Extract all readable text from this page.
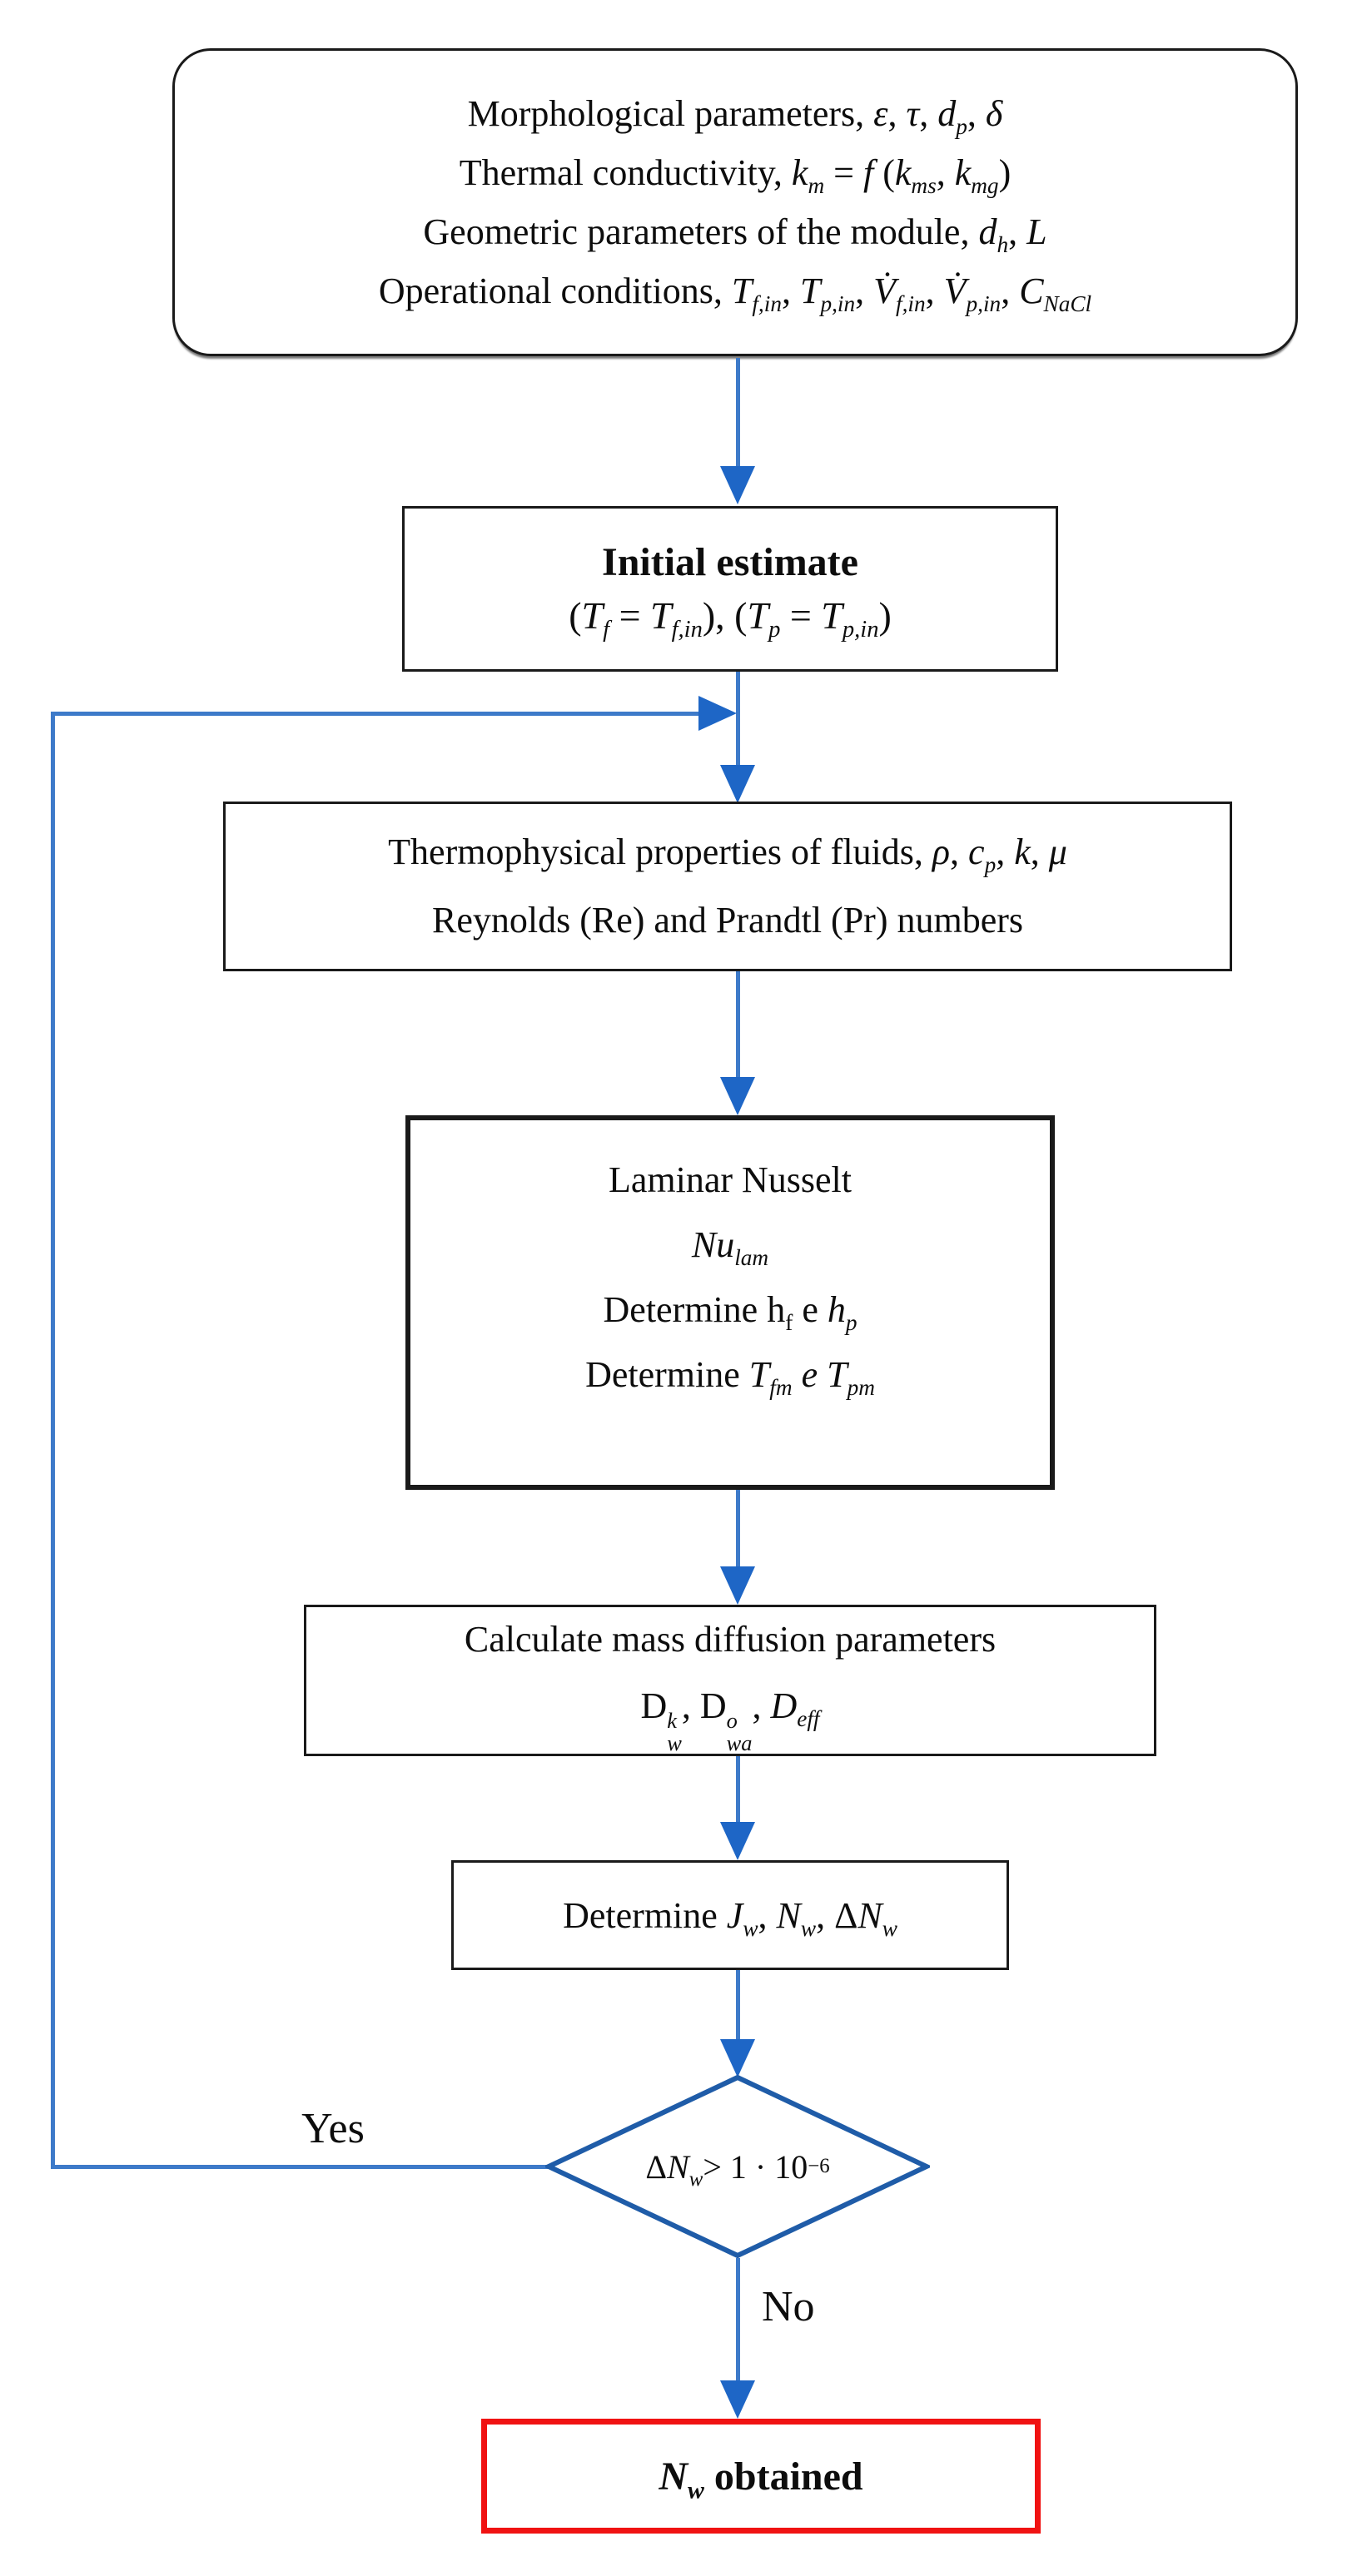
Morphological parameters, ε, τ, $d_p$, δ
Thermal conductivity, $k_m = f$ ($k_{ms}$, $k_{mg}$)
Geometric parameters of the module, $d_h$, L
Operational conditions, $T_{f,in}$, $T_{p,in}$, $V̇_{f,in}$, $V̇_{p,in}$, $C_{NaCl}$
Initial estimate
$(T_f = T_{f,in})$, $(T_p = T_{p,in})$
Thermophysical properties of fluids, ρ, $c_p$, k, μ
Reynolds (Re) and Prandtl (Pr) numbers
Laminar Nusselt
$Nu_{lam}$
Determine $h_f$ e $h_p$
Determine $T_{fm}$ e $T_{pm}$
Calculate mass diffusion parameters
D k
w
, D o
wa
, $D_{eff}$
Determine $J_w$, $N_w$, $\Delta N_w$
Δ $N_w > 1 \cdot 10 -6$
Yes
No
$N_w$ obtained
